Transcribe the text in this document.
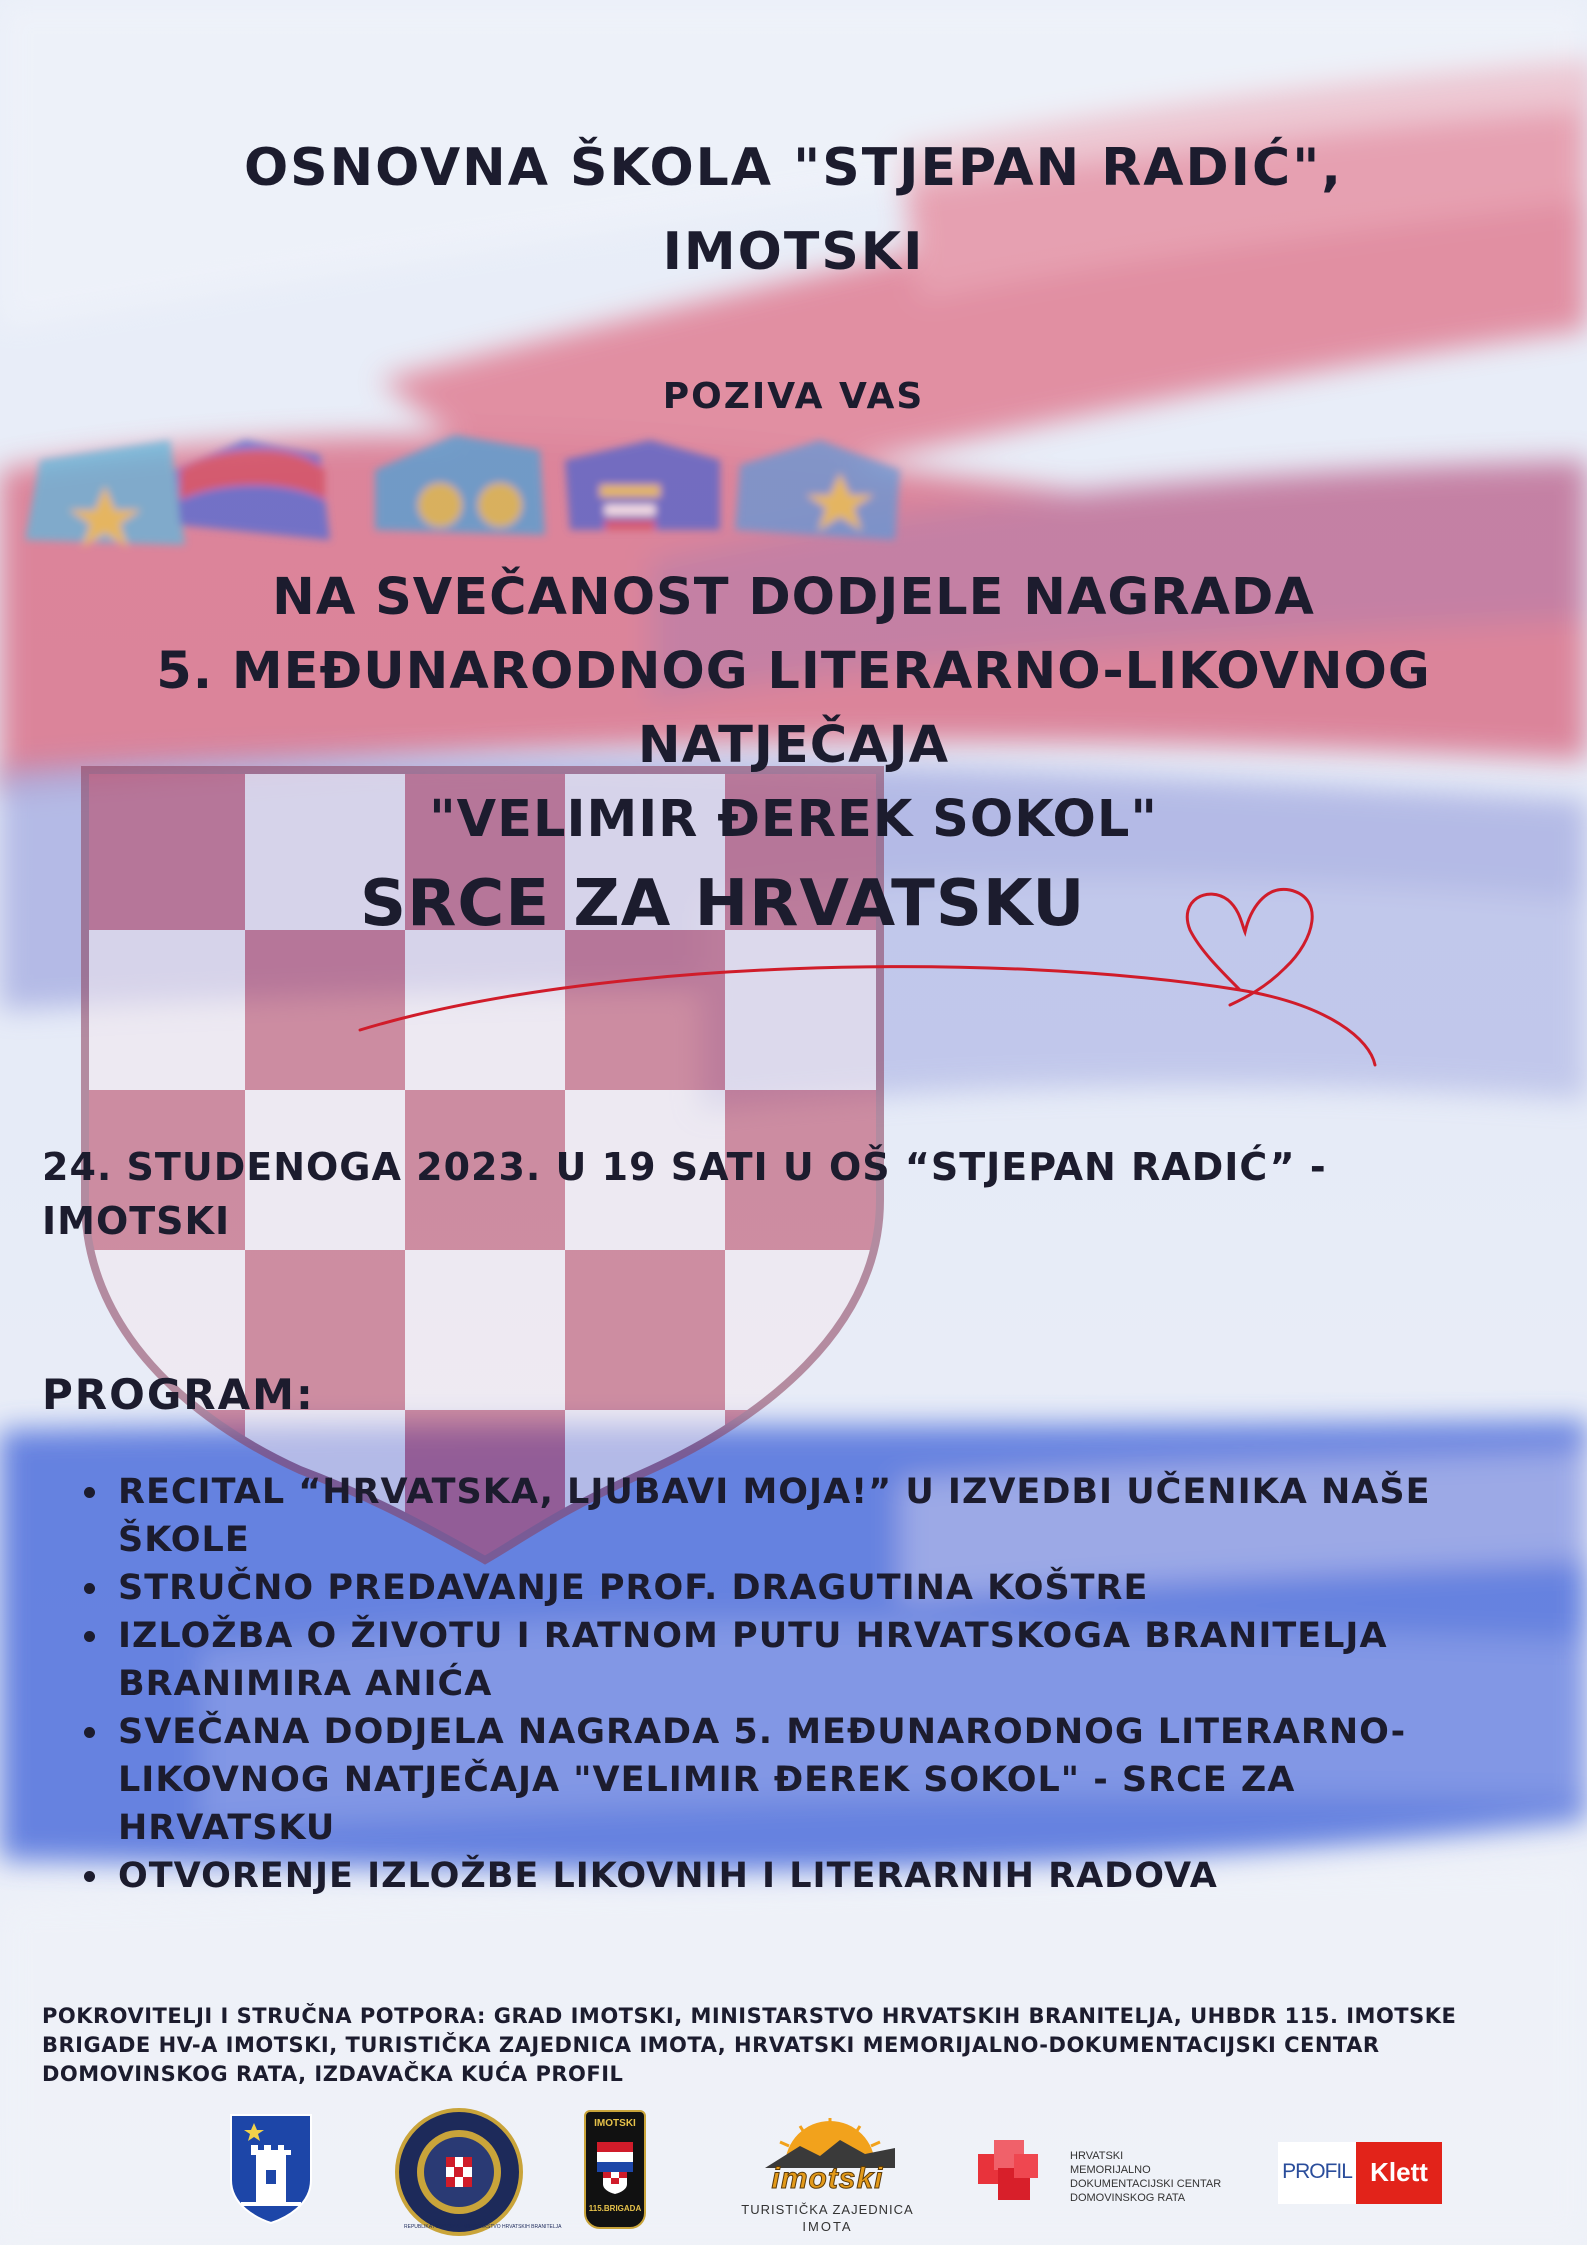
OSNOVNA ŠKOLA "STJEPAN RADIĆ",
IMOTSKI

POZIVA VAS

NA SVEČANOST DODJELE NAGRADA
5. MEĐUNARODNOG LITERARNO-LIKOVNOG
NATJEČAJA
"VELIMIR ĐEREK SOKOL"
SRCE ZA HRVATSKU

24. STUDENOGA 2023. U 19 SATI U OŠ “STJEPAN RADIĆ” - IMOTSKI

PROGRAM:

RECITAL “HRVATSKA, LJUBAVI MOJA!” U IZVEDBI UČENIKA NAŠE ŠKOLE
STRUČNO PREDAVANJE PROF. DRAGUTINA KOŠTRE
IZLOŽBA O ŽIVOTU I RATNOM PUTU HRVATSKOGA BRANITELJA BRANIMIRA ANIĆA
SVEČANA DODJELA NAGRADA 5. MEĐUNARODNOG LITERARNO-LIKOVNOG NATJEČAJA "VELIMIR ĐEREK SOKOL" - SRCE ZA HRVATSKU
OTVORENJE IZLOŽBE LIKOVNIH I LITERARNIH RADOVA

POKROVITELJI I STRUČNA POTPORA: GRAD IMOTSKI, MINISTARSTVO HRVATSKIH BRANITELJA, UHBDR 115. IMOTSKE BRIGADE HV-A IMOTSKI, TURISTIČKA ZAJEDNICA IMOTA, HRVATSKI MEMORIJALNO-DOKUMENTACIJSKI CENTAR DOMOVINSKOG RATA, IZDAVAČKA KUĆA PROFIL

REPUBLIKA HRVATSKA · MINISTARSTVO HRVATSKIH BRANITELJA
IMOTSKI
115.BRIGADA
imotski
TURISTIČKA ZAJEDNICA
IMOTA
HRVATSKI
MEMORIJALNO
DOKUMENTACIJSKI CENTAR
DOMOVINSKOG RATA
PROFIL Klett
